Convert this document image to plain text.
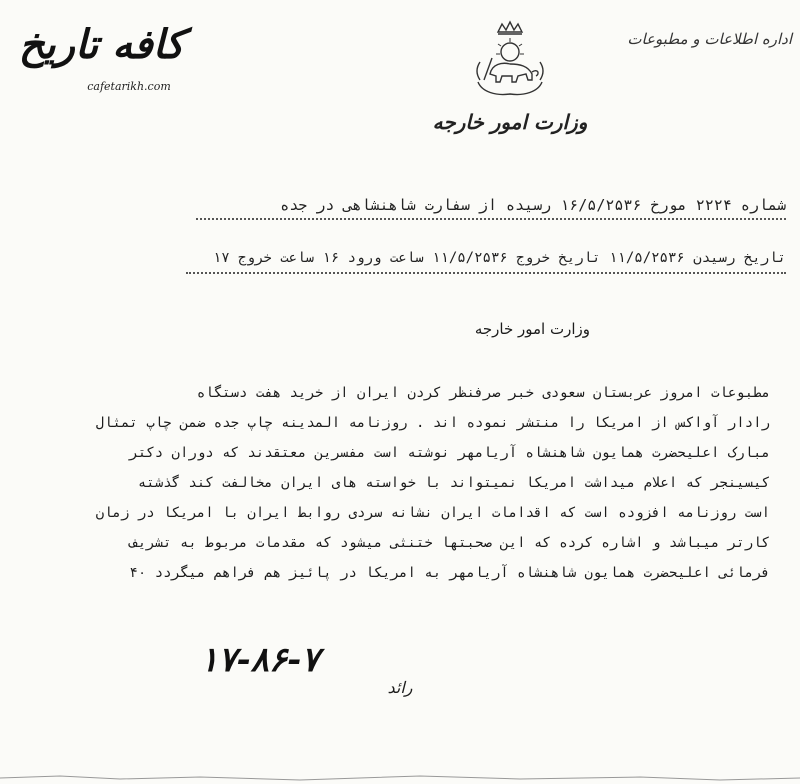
کافه تاریخ
cafetarikh.com
اداره اطلاعات و مطبوعات
وزارت امور خارجه
شماره ۲۲۲۴ مورخ ۱۶/۵/۲۵۳۶ رسیده از سفارت شاهنشاهی در جده
تاریخ رسیدن ۱۱/۵/۲۵۳۶ تاریخ خروج ۱۱/۵/۲۵۳۶ ساعت ورود ۱۶ ساعت خروج ۱۷
وزارت امور خارجه
مطبوعات امروز عربستان سعودی خبر صرفنظر کردن ایران از خرید هفت دستگاه
رادار آواکس از امریکا را منتشر نموده اند . روزنامه المدینه چاپ جده ضمن چاپ تمثال
مبارک اعلیحضرت همایون شاهنشاه آریامهر نوشته است مفسرین معتقدند که دوران دکتر
کیسینجر که اعلام میداشت امریکا نمیتواند با خواسته های ایران مخالفت کند گذشته
است روزنامه افزوده است که اقدامات ایران نشانه سردی روابط ایران با امریکا در زمان
کارتر میباشد و اشاره کرده که این صحبتها ختنثی میشود که مقدمات مربوط به تشریف
فرمائی اعلیحضرت همایون شاهنشاه آریامهر به امریکا در پائیز هم فراهم میگردد ۴۰
۱۷-۸۶-۷
رائد
